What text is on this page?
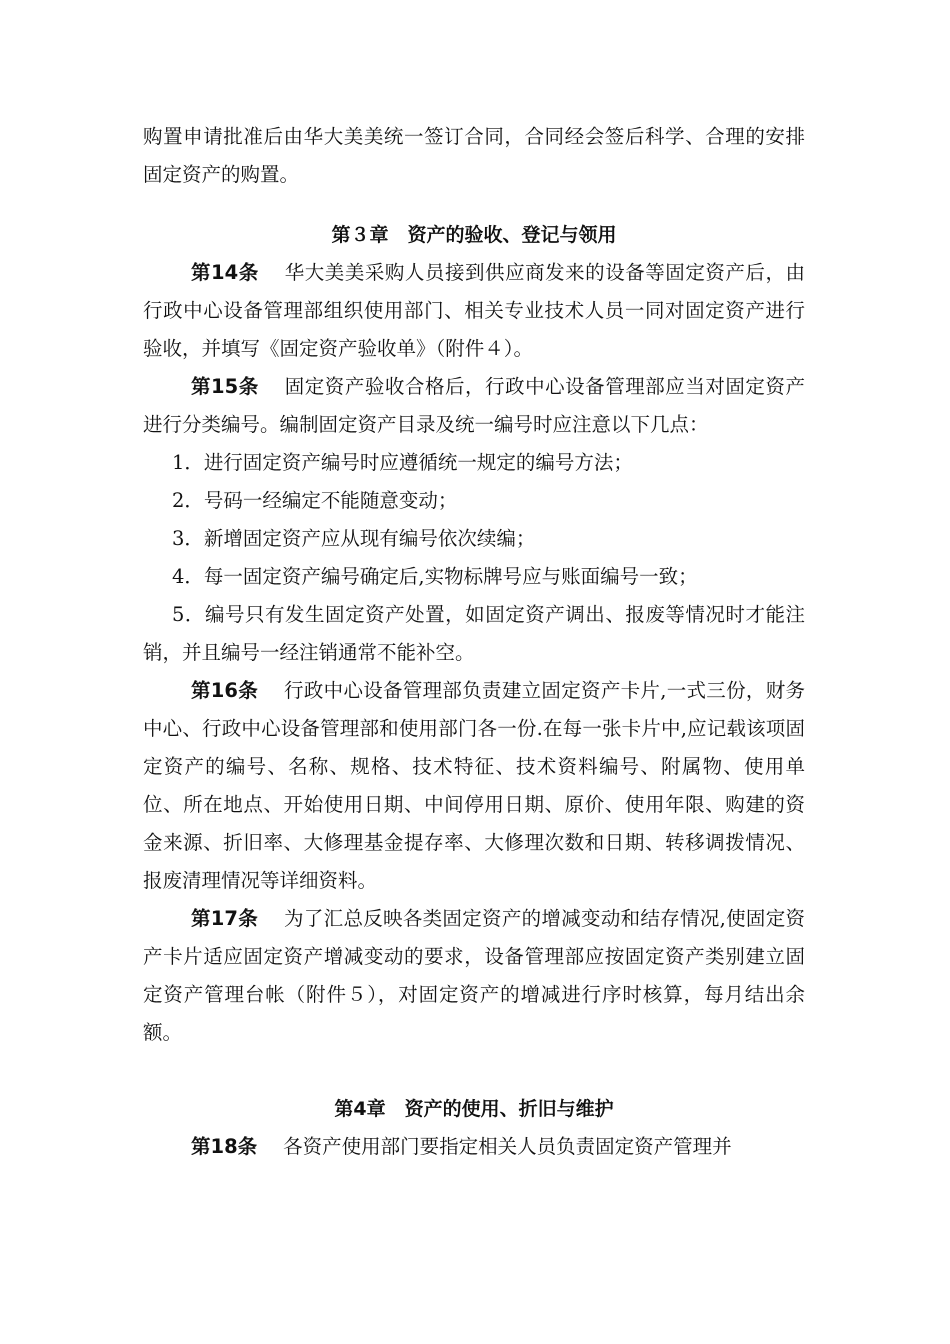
购置申请批准后由华大美美统一签订合同，合同经会签后科学、合理的安排固定资产的购置。

第３章　资产的验收、登记与领用

第14条 华大美美采购人员接到供应商发来的设备等固定资产后，由行政中心设备管理部组织使用部门、相关专业技术人员一同对固定资产进行验收，并填写《固定资产验收单》（附件４）。

第15条 固定资产验收合格后，行政中心设备管理部应当对固定资产进行分类编号。编制固定资产目录及统一编号时应注意以下几点：

1．进行固定资产编号时应遵循统一规定的编号方法；

2．号码一经编定不能随意变动；

3．新增固定资产应从现有编号依次续编；

4．每一固定资产编号确定后,实物标牌号应与账面编号一致；

5．编号只有发生固定资产处置，如固定资产调出、报废等情况时才能注销，并且编号一经注销通常不能补空。

第16条 行政中心设备管理部负责建立固定资产卡片,一式三份，财务中心、行政中心设备管理部和使用部门各一份.在每一张卡片中,应记载该项固定资产的编号、名称、规格、技术特征、技术资料编号、附属物、使用单位、所在地点、开始使用日期、中间停用日期、原价、使用年限、购建的资金来源、折旧率、大修理基金提存率、大修理次数和日期、转移调拨情况、报废清理情况等详细资料。

第17条 为了汇总反映各类固定资产的增减变动和结存情况,使固定资产卡片适应固定资产增减变动的要求，设备管理部应按固定资产类别建立固定资产管理台帐（附件５），对固定资产的增减进行序时核算，每月结出余额。

第4章　资产的使用、折旧与维护

第18条 各资产使用部门要指定相关人员负责固定资产管理并
